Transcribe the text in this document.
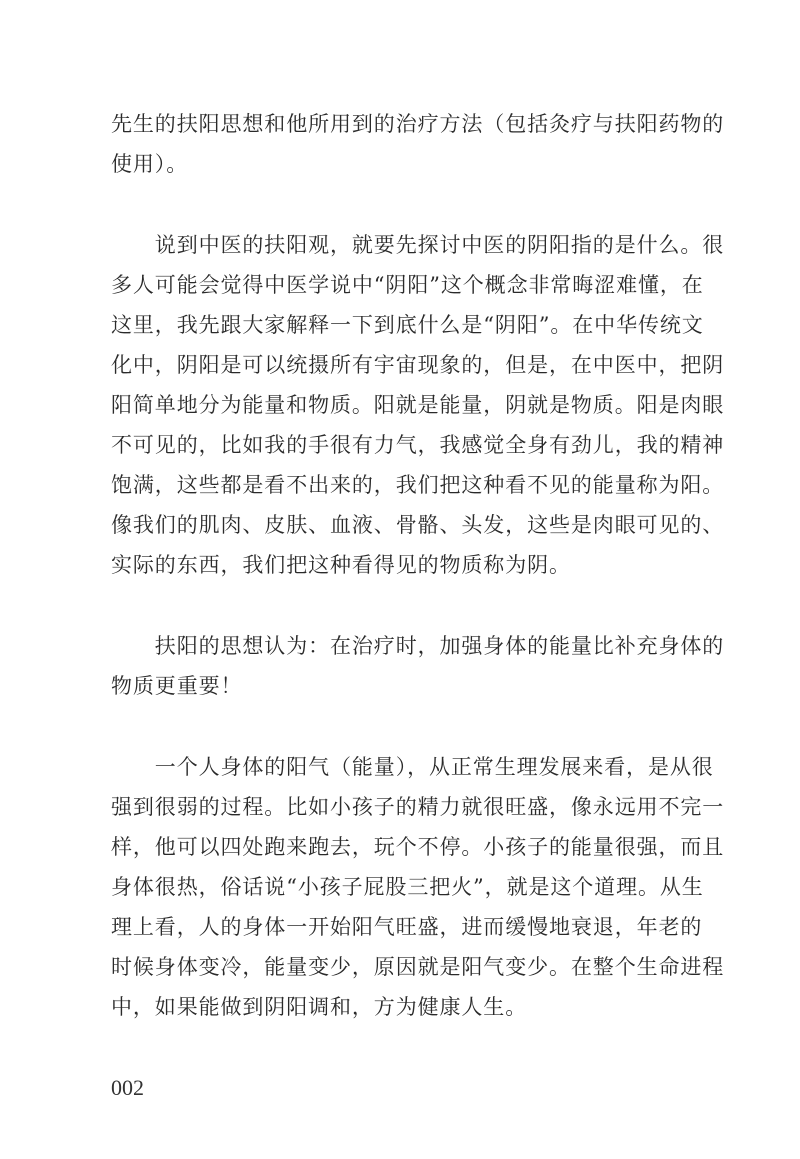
先生的扶阳思想和他所用到的治疗方法（包括灸疗与扶阳药物的
使用）。
　　说到中医的扶阳观，就要先探讨中医的阴阳指的是什么。很
多人可能会觉得中医学说中“阴阳”这个概念非常晦涩难懂，在
这里，我先跟大家解释一下到底什么是“阴阳”。在中华传统文
化中，阴阳是可以统摄所有宇宙现象的，但是，在中医中，把阴
阳简单地分为能量和物质。阳就是能量，阴就是物质。阳是肉眼
不可见的，比如我的手很有力气，我感觉全身有劲儿，我的精神
饱满，这些都是看不出来的，我们把这种看不见的能量称为阳。
像我们的肌肉、皮肤、血液、骨骼、头发，这些是肉眼可见的、
实际的东西，我们把这种看得见的物质称为阴。
　　扶阳的思想认为：在治疗时，加强身体的能量比补充身体的
物质更重要！
　　一个人身体的阳气（能量），从正常生理发展来看，是从很
强到很弱的过程。比如小孩子的精力就很旺盛，像永远用不完一
样，他可以四处跑来跑去，玩个不停。小孩子的能量很强，而且
身体很热，俗话说“小孩子屁股三把火”，就是这个道理。从生
理上看，人的身体一开始阳气旺盛，进而缓慢地衰退，年老的
时候身体变冷，能量变少，原因就是阳气变少。在整个生命进程
中，如果能做到阴阳调和，方为健康人生。
002
